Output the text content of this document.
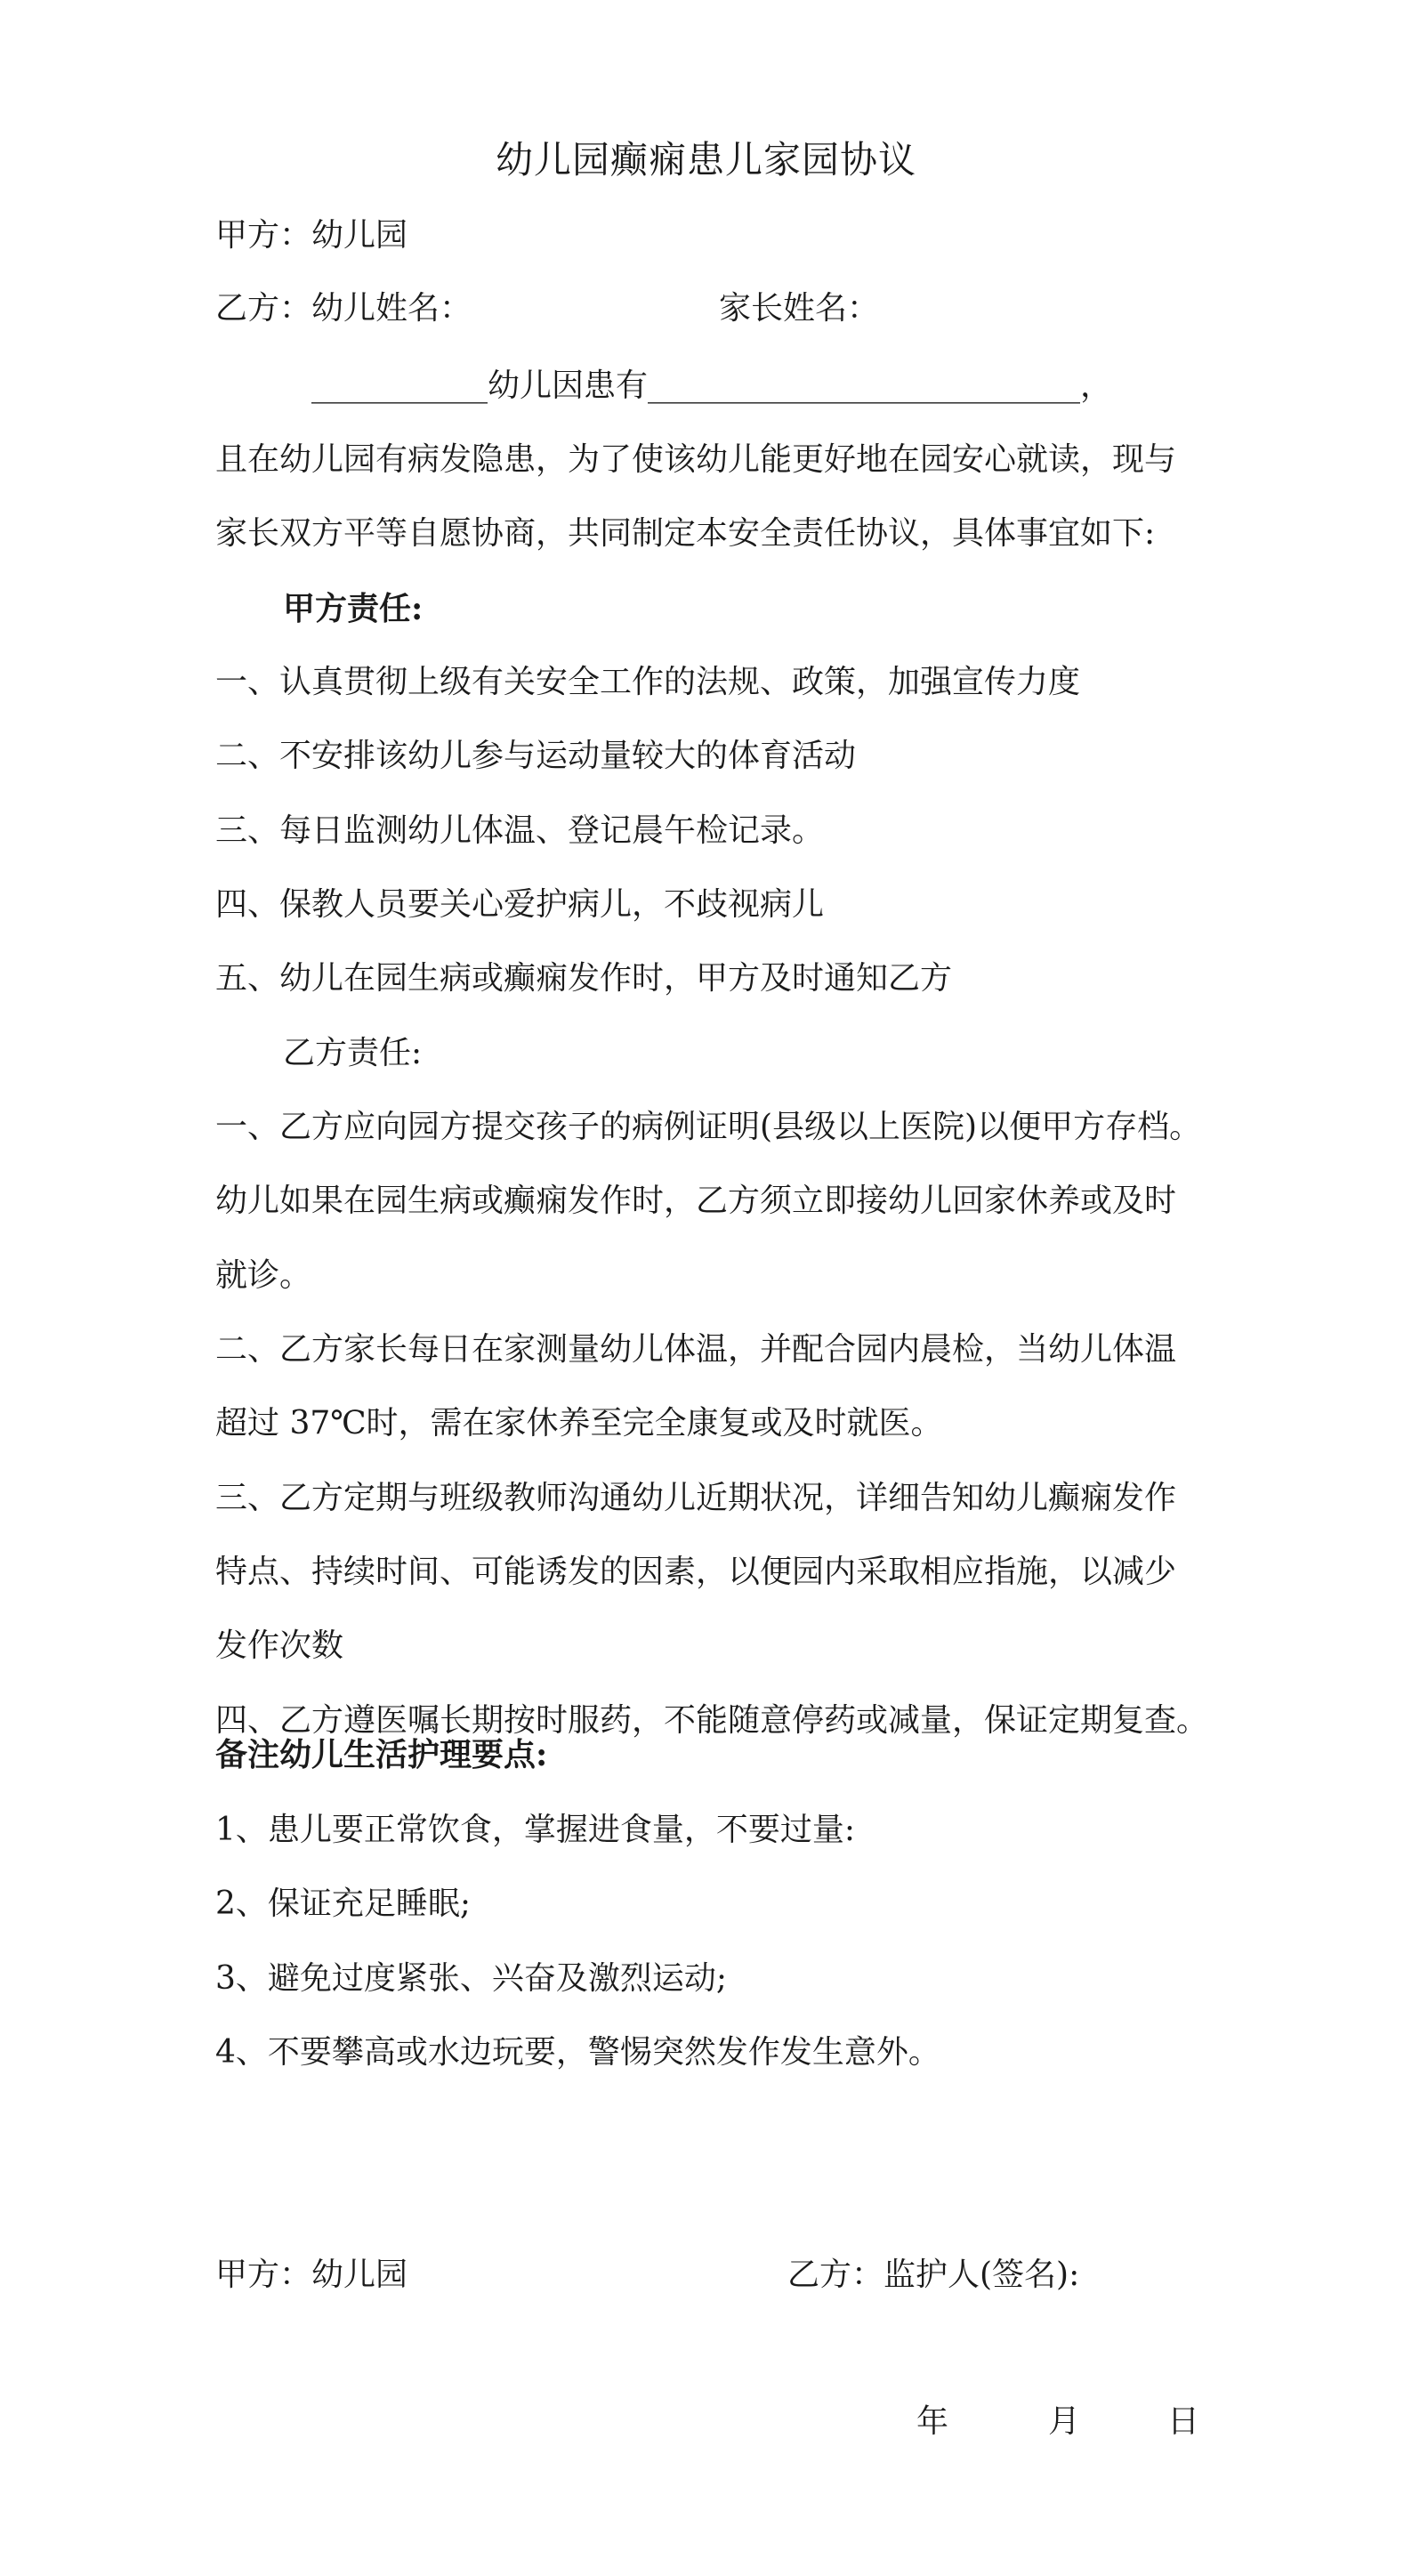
幼儿园癫痫患儿家园协议
甲方：幼儿园
乙方：幼儿姓名：	家长姓名：
___________幼儿因患有___________________________，
且在幼儿园有病发隐患，为了使该幼儿能更好地在园安心就读，现与
家长双方平等自愿协商，共同制定本安全责任协议，具体事宜如下:
甲方责任:
一、认真贯彻上级有关安全工作的法规、政策，加强宣传力度
二、不安排该幼儿参与运动量较大的体育活动
三、每日监测幼儿体温、登记晨午检记录。
四、保教人员要关心爱护病儿，不歧视病儿
五、幼儿在园生病或癫痫发作时，甲方及时通知乙方
乙方责任:
一、乙方应向园方提交孩子的病例证明(县级以上医院)以便甲方存档。
幼儿如果在园生病或癫痫发作时，乙方须立即接幼儿回家休养或及时
就诊。
二、乙方家长每日在家测量幼儿体温，并配合园内晨检，当幼儿体温
超过 37℃时，需在家休养至完全康复或及时就医。
三、乙方定期与班级教师沟通幼儿近期状况，详细告知幼儿癫痫发作
特点、持续时间、可能诱发的因素，以便园内采取相应指施，以减少
发作次数
四、乙方遵医嘱长期按时服药，不能随意停药或减量，保证定期复查。
备注幼儿生活护理要点:
1、患儿要正常饮食，掌握进食量，不要过量:
2、保证充足睡眠;
3、避免过度紧张、兴奋及激烈运动;
4、不要攀高或水边玩要，警惕突然发作发生意外。
甲方：幼儿园	乙方：监护人(签名):
年	月	日
